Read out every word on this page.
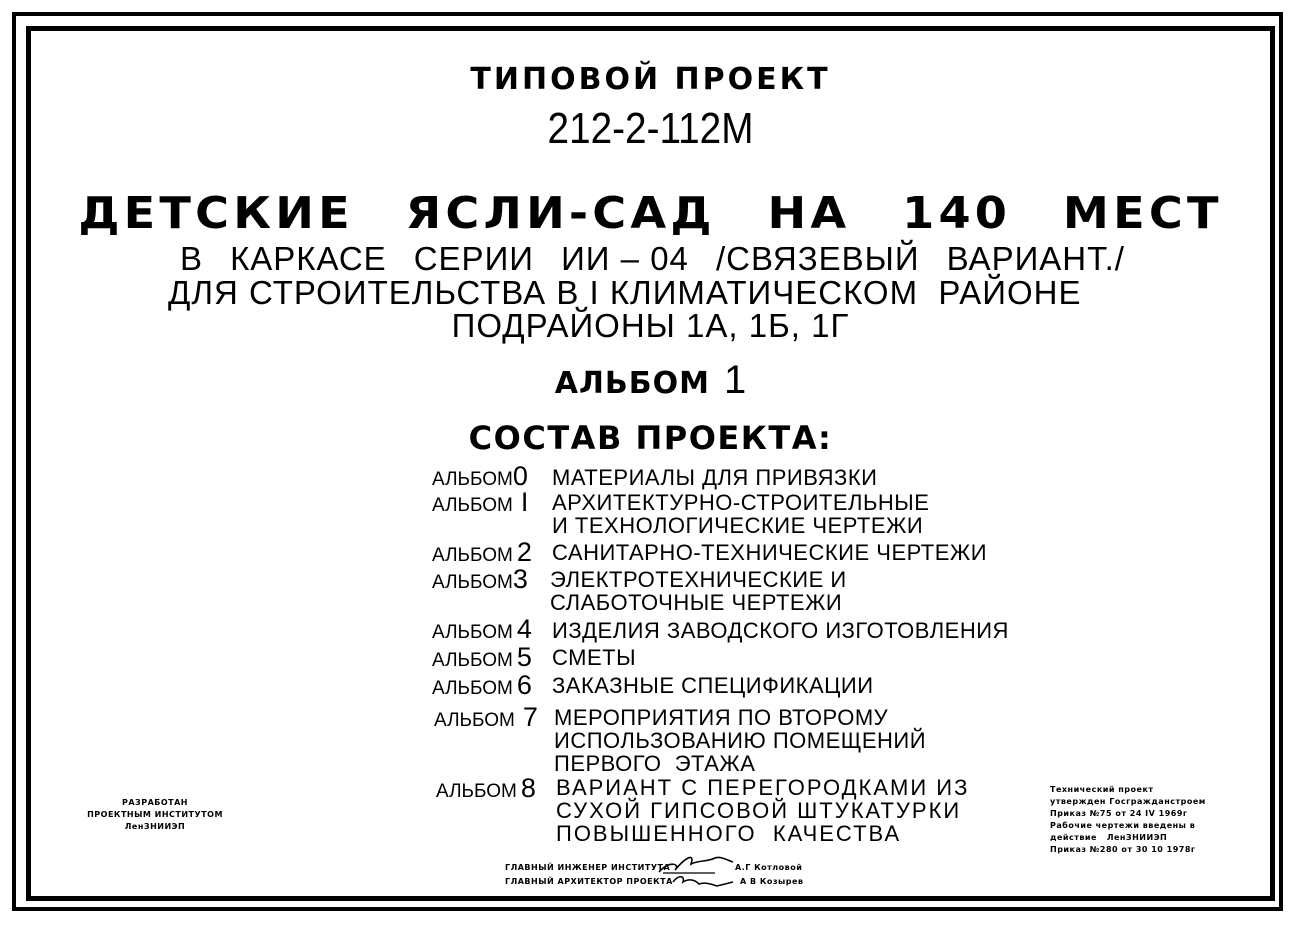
ТИПОВОЙ ПРОЕКТ
212-2-112М
ДЕТСКИЕ ЯСЛИ-САД НА 140 МЕСТ
В КАРКАСЕ СЕРИИ ИИ – 04 /СВЯЗЕВЫЙ ВАРИАНТ./
ДЛЯ СТРОИТЕЛЬСТВА В I КЛИМАТИЧЕСКОМ  РАЙОНЕ
ПОДРАЙОНЫ 1А, 1Б, 1Г
АЛЬБОМ 1
СОСТАВ ПРОЕКТА:
АЛЬБОМ0 МАТЕРИАЛЫ ДЛЯ ПРИВЯЗКИ
АЛЬБОМ I АРХИТЕКТУРНО-СТРОИТЕЛЬНЫЕ
И ТЕХНОЛОГИЧЕСКИЕ ЧЕРТЕЖИ
АЛЬБОМ 2 САНИТАРНО-ТЕХНИЧЕСКИЕ ЧЕРТЕЖИ
АЛЬБОМ3 ЭЛЕКТРОТЕХНИЧЕСКИЕ И
СЛАБОТОЧНЫЕ ЧЕРТЕЖИ
АЛЬБОМ 4 ИЗДЕЛИЯ ЗАВОДСКОГО ИЗГОТОВЛЕНИЯ
АЛЬБОМ 5 СМЕТЫ
АЛЬБОМ 6 ЗАКАЗНЫЕ СПЕЦИФИКАЦИИ
АЛЬБОМ 7 МЕРОПРИЯТИЯ ПО ВТОРОМУ
ИСПОЛЬЗОВАНИЮ ПОМЕЩЕНИЙ
ПЕРВОГО  ЭТАЖА
АЛЬБОМ 8 ВАРИАНТ С ПЕРЕГОРОДКАМИ ИЗ
СУХОЙ ГИПСОВОЙ ШТУКАТУРКИ
ПОВЫШЕННОГО  КАЧЕСТВА
РАЗРАБОТАН
ПРОЕКТНЫМ ИНСТИТУТОМ
ЛенЗНИИЭП
Технический проект
утвержден Госгражданстроем
Приказ №75 от 24 IV 1969г
Рабочие чертежи введены в
действие   ЛенЗНИИЭП
Приказ №280 от 30 10 1978г
ГЛАВНЫЙ ИНЖЕНЕР ИНСТИТУТА
ГЛАВНЫЙ АРХИТЕКТОР ПРОЕКТА
А.Г Котловой
А В Козырев
